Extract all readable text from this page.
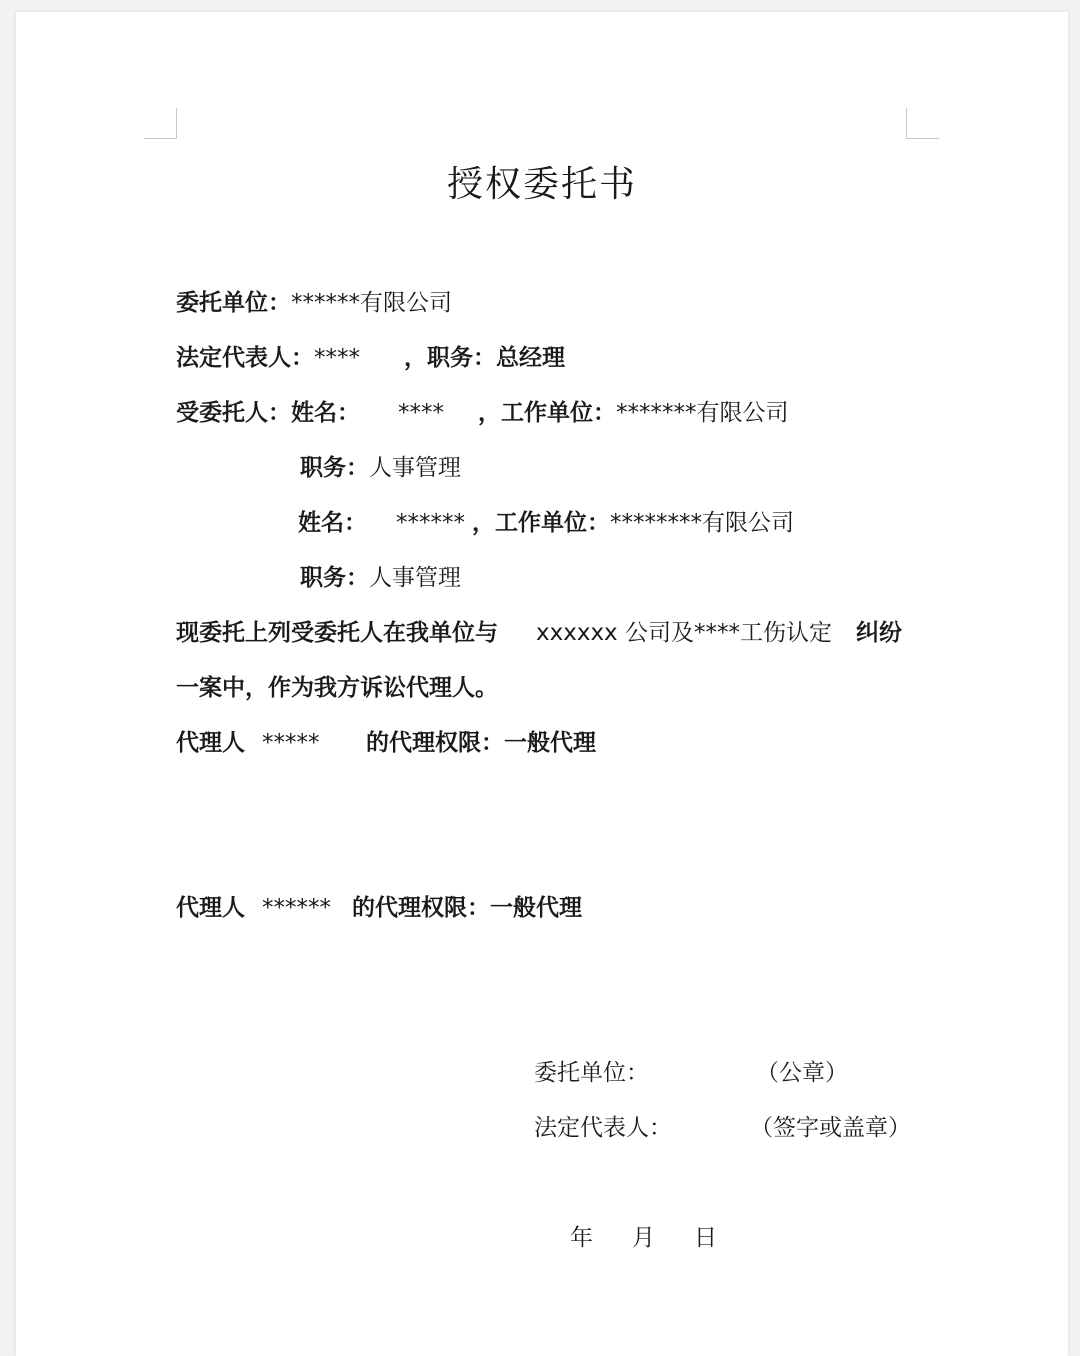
授权委托书
委托单位：******有限公司
法定代表人：**** ，职务：总经理
受委托人：姓名： **** ，工作单位：*******有限公司
职务：人事管理
姓名： ****** ，工作单位：********有限公司
职务：人事管理
现委托上列受委托人在我单位与 xxxxxx 公司及****工伤认定 纠纷
一案中，作为我方诉讼代理人。
代理人 ***** 的代理权限：一般代理
代理人 ****** 的代理权限：一般代理
委托单位：	（公章）
法定代表人：	（签字或盖章）
年 月 日
